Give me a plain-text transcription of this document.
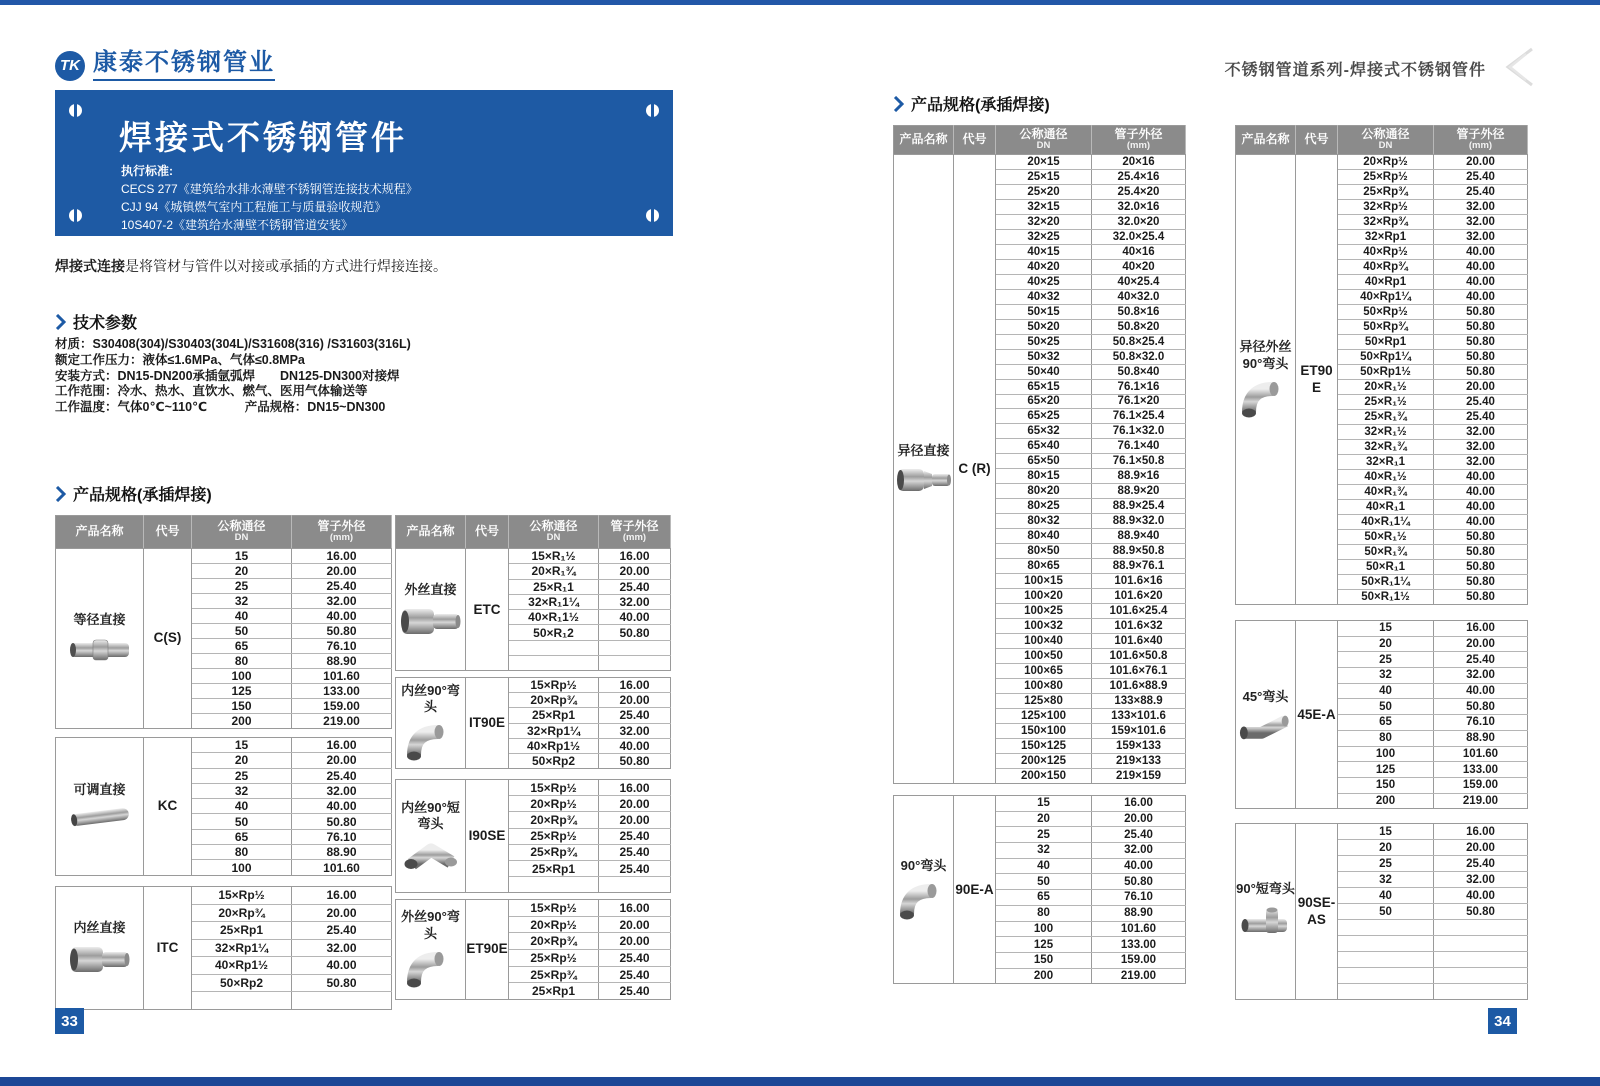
TK 康泰不锈钢管业
焊接式不锈钢管件
执行标准:
CECS 277《建筑给水排水薄壁不锈钢管连接技术规程》
CJJ 94《城镇燃气室内工程施工与质量验收规范》
10S407-2《建筑给水薄壁不锈钢管道安装》
焊接式连接是将管材与管件以对接或承插的方式进行焊接连接。
技术参数
材质：S30408(304)/S30403(304L)/S31608(316) /S31603(316L)
额定工作压力：液体≤1.6MPa、气体≤0.8MPa
安装方式：DN15-DN200承插氩弧焊　　DN125-DN300对接焊
工作范围：冷水、热水、直饮水、燃气、医用气体输送等
工作温度：气体0℃~110℃　　　产品规格：DN15~DN300
产品规格(承插焊接)
产品名称	代号	公称通径
DN

管子外径
(mm)

等径直接	C(S)	15	16.00
		20	20.00
		25	25.40
		32	32.00
		40	40.00
		50	50.80
		65	76.10
		80	88.90
		100	101.60
		125	133.00
		150	159.00
		200	219.00
可调直接	KC	15	16.00
		20	20.00
		25	25.40
		32	32.00
		40	40.00
		50	50.80
		65	76.10
		80	88.90
		100	101.60
内丝直接	ITC	15×Rp½	16.00
		20×Rp¾	20.00
		25×Rp1	25.40
		32×Rp1¼	32.00
		40×Rp1½	40.00
		50×Rp2	50.80

产品名称	代号	公称通径
DN

管子外径
(mm)

外丝直接	ETC	15×R₁½	16.00
		20×R₁¾	20.00
		25×R₁1	25.40
		32×R₁1¼	32.00
		40×R₁1½	40.00
		50×R₁2	50.80

内丝90°弯头	IT90E	15×Rp½	16.00
		20×Rp¾	20.00
		25×Rp1	25.40
		32×Rp1¼	32.00
		40×Rp1½	40.00
		50×Rp2	50.80
内丝90°短弯头	I90SE	15×Rp½	16.00
		20×Rp½	20.00
		20×Rp¾	20.00
		25×Rp½	25.40
		25×Rp¾	25.40
		25×Rp1	25.40

外丝90°弯头	ET90E	15×Rp½	16.00
		20×Rp½	20.00
		20×Rp¾	20.00
		25×Rp½	25.40
		25×Rp¾	25.40
		25×Rp1	25.40
33
不锈钢管道系列-焊接式不锈钢管件
产品规格(承插焊接)
产品名称	代号	公称通径
DN

管子外径
(mm)

异径直接	C (R)	20×15	20×16
		25×15	25.4×16
		25×20	25.4×20
		32×15	32.0×16
		32×20	32.0×20
		32×25	32.0×25.4
		40×15	40×16
		40×20	40×20
		40×25	40×25.4
		40×32	40×32.0
		50×15	50.8×16
		50×20	50.8×20
		50×25	50.8×25.4
		50×32	50.8×32.0
		50×40	50.8×40
		65×15	76.1×16
		65×20	76.1×20
		65×25	76.1×25.4
		65×32	76.1×32.0
		65×40	76.1×40
		65×50	76.1×50.8
		80×15	88.9×16
		80×20	88.9×20
		80×25	88.9×25.4
		80×32	88.9×32.0
		80×40	88.9×40
		80×50	88.9×50.8
		80×65	88.9×76.1
		100×15	101.6×16
		100×20	101.6×20
		100×25	101.6×25.4
		100×32	101.6×32
		100×40	101.6×40
		100×50	101.6×50.8
		100×65	101.6×76.1
		100×80	101.6×88.9
		125×80	133×88.9
		125×100	133×101.6
		150×100	159×101.6
		150×125	159×133
		200×125	219×133
		200×150	219×159
90°弯头	90E-A	15	16.00
		20	20.00
		25	25.40
		32	32.00
		40	40.00
		50	50.80
		65	76.10
		80	88.90
		100	101.60
		125	133.00
		150	159.00
		200	219.00
产品名称	代号	公称通径
DN

管子外径
(mm)

异径外丝90°弯头	ET90E	20×Rp½	20.00
		25×Rp½	25.40
		25×Rp¾	25.40
		32×Rp½	32.00
		32×Rp¾	32.00
		32×Rp1	32.00
		40×Rp½	40.00
		40×Rp¾	40.00
		40×Rp1	40.00
		40×Rp1¼	40.00
		50×Rp½	50.80
		50×Rp¾	50.80
		50×Rp1	50.80
		50×Rp1¼	50.80
		50×Rp1½	50.80
		20×R₁½	20.00
		25×R₁½	25.40
		25×R₁¾	25.40
		32×R₁½	32.00
		32×R₁¾	32.00
		32×R₁1	32.00
		40×R₁½	40.00
		40×R₁¾	40.00
		40×R₁1	40.00
		40×R₁1¼	40.00
		50×R₁½	50.80
		50×R₁¾	50.80
		50×R₁1	50.80
		50×R₁1¼	50.80
		50×R₁1½	50.80
45°弯头	45E-A	15	16.00
		20	20.00
		25	25.40
		32	32.00
		40	40.00
		50	50.80
		65	76.10
		80	88.90
		100	101.60
		125	133.00
		150	159.00
		200	219.00
90°短弯头	90SE-AS	15	16.00
		20	20.00
		25	25.40
		32	32.00
		40	40.00
		50	50.80

34
